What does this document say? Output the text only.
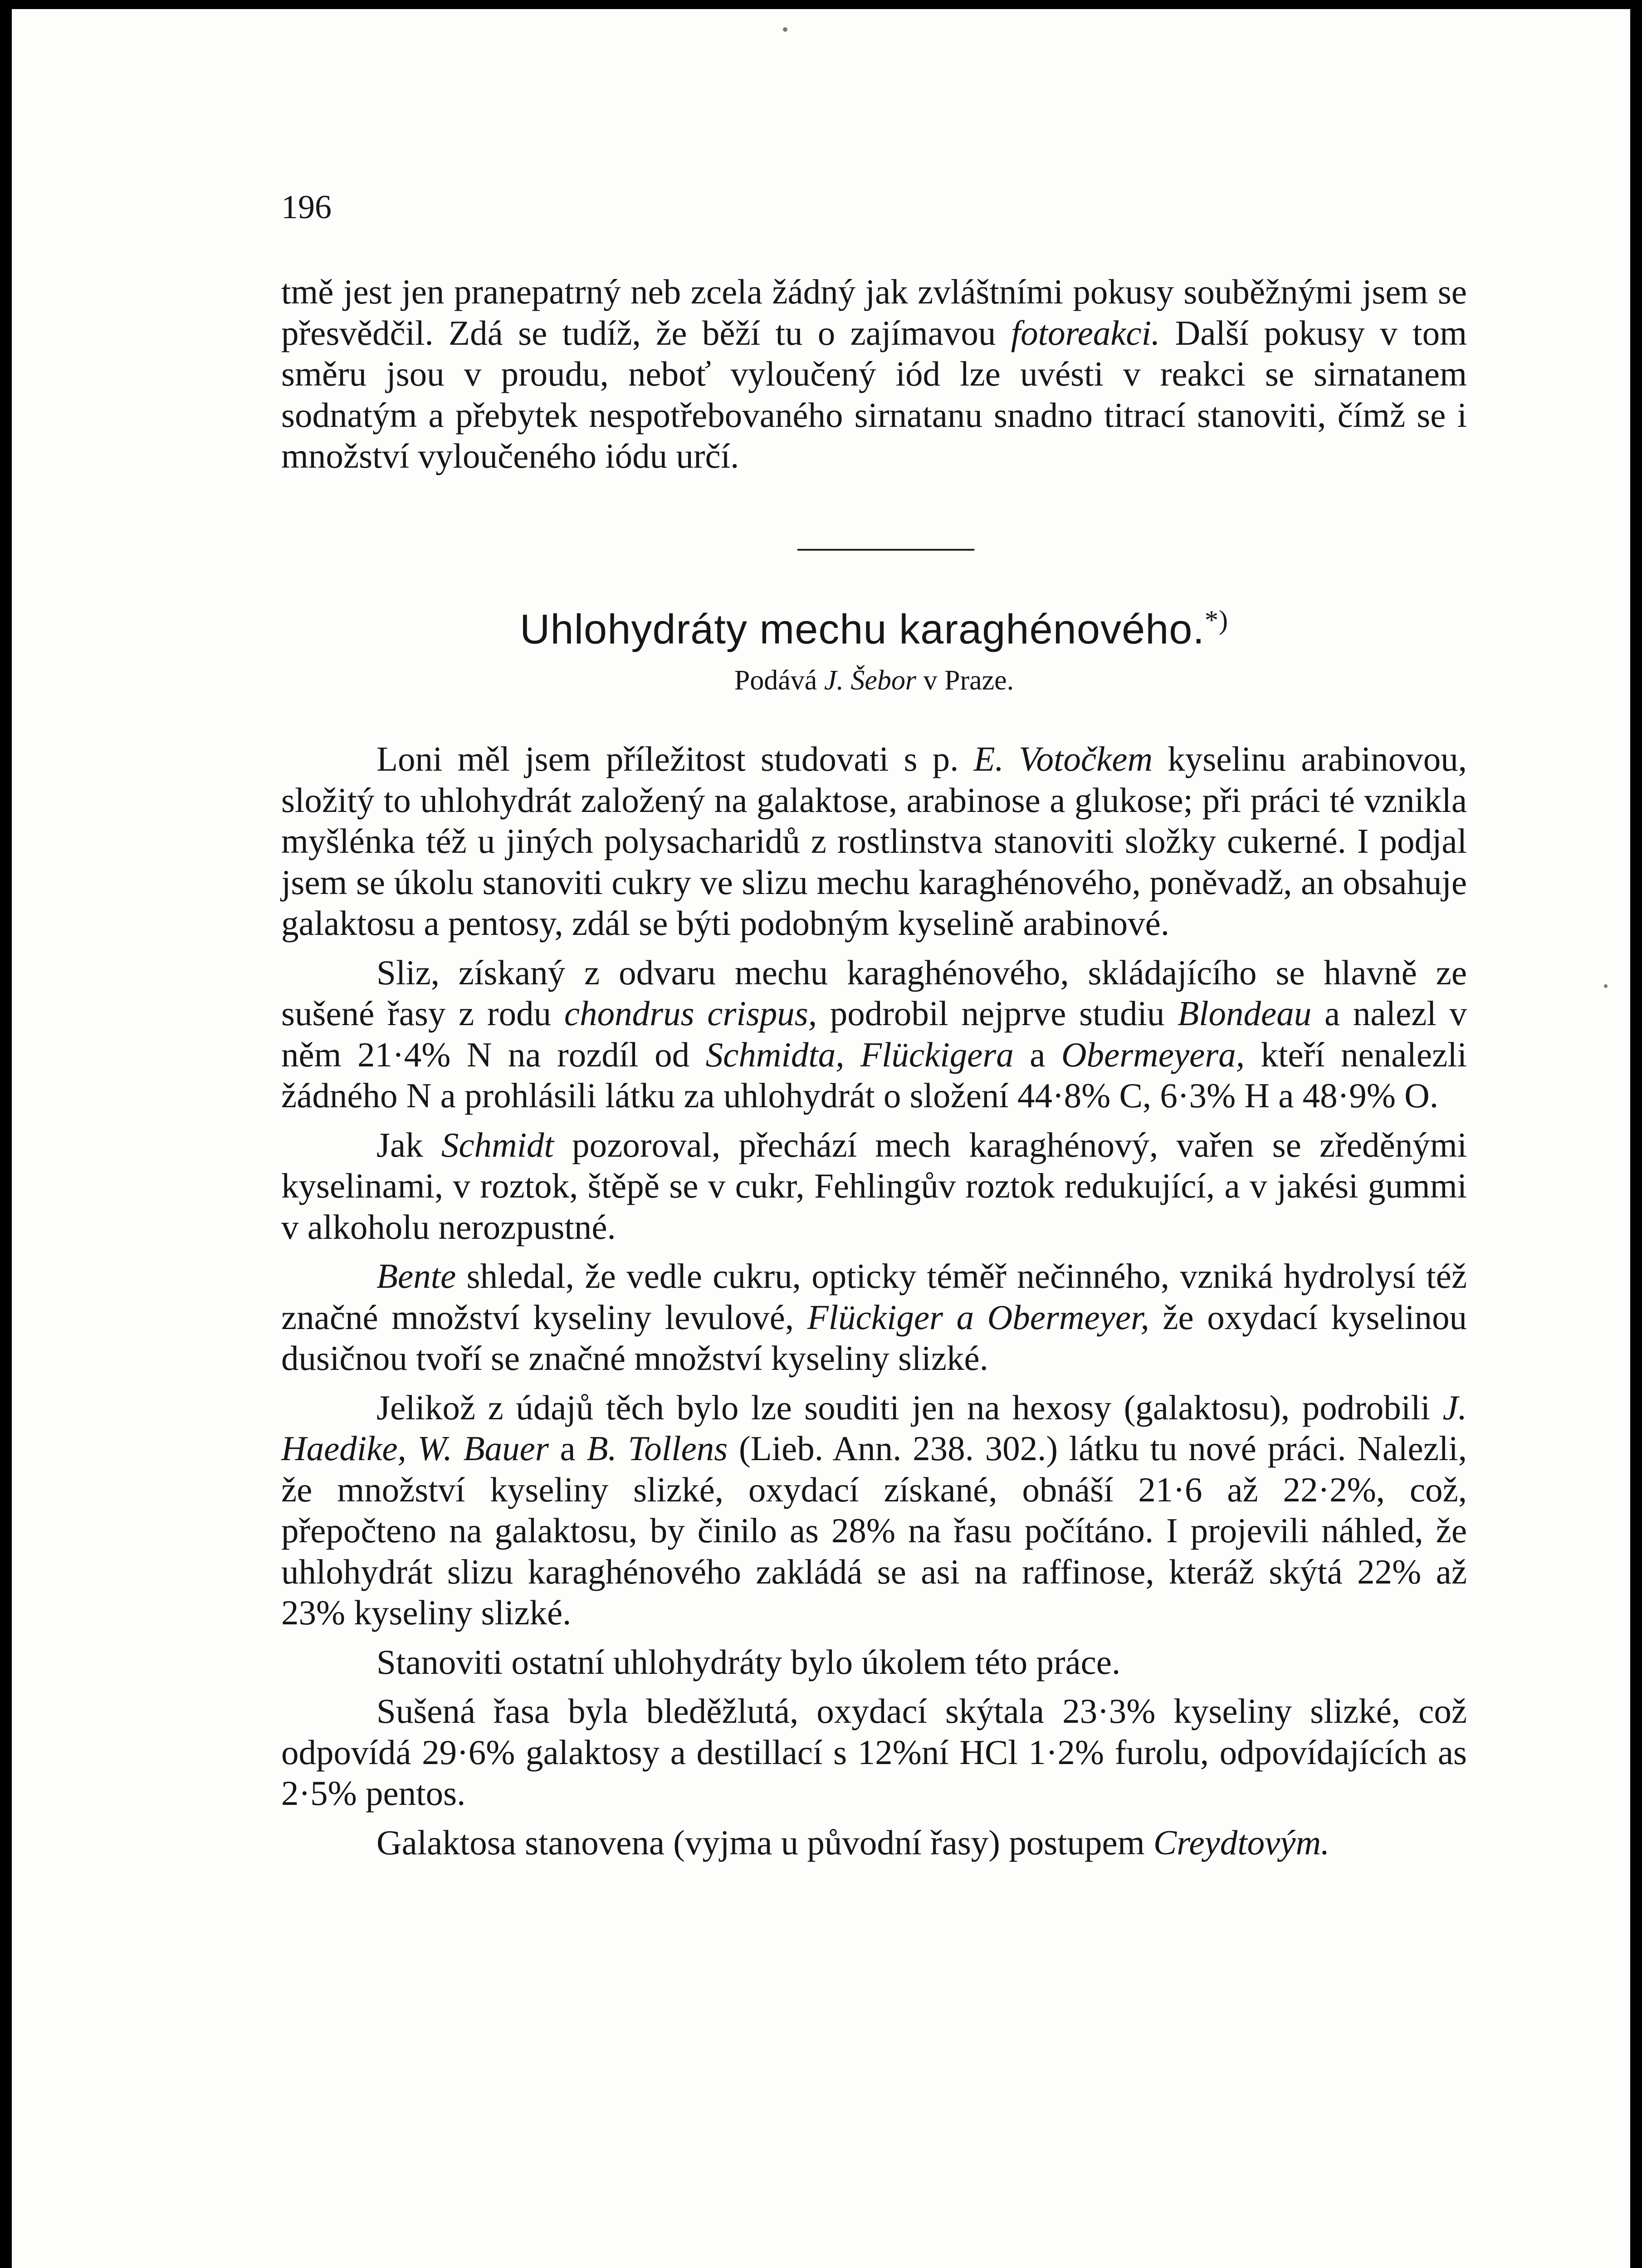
196

tmě jest jen pranepatrný neb zcela žádný jak zvláštními pokusy souběžnými jsem se přesvědčil. Zdá se tudíž, že běží tu o zajímavou fotoreakci. Další pokusy v tom směru jsou v proudu, neboť vyloučený iód lze uvésti v reakci se sirnatanem sodnatým a přebytek nespotřebovaného sirnatanu snadno titrací stanoviti, čímž se i množství vyloučeného iódu určí.

Uhlohydráty mechu karaghénového.*)
Podává J. Šebor v Praze.

Loni měl jsem příležitost studovati s p. E. Votočkem kyselinu arabinovou, složitý to uhlohydrát založený na galaktose, arabinose a glukose; při práci té vznikla myšlénka též u jiných polysacharidů z rostlinstva stanoviti složky cukerné. I podjal jsem se úkolu stanoviti cukry ve slizu mechu karaghénového, poněvadž, an obsahuje galaktosu a pentosy, zdál se býti podobným kyselině arabinové.

Sliz, získaný z odvaru mechu karaghénového, skládajícího se hlavně ze sušené řasy z rodu chondrus crispus, podrobil nejprve studiu Blondeau a nalezl v něm 21·4% N na rozdíl od Schmidta, Flückigera a Obermeyera, kteří nenalezli žádného N a prohlásili látku za uhlohydrát o složení 44·8% C, 6·3% H a 48·9% O.

Jak Schmidt pozoroval, přechází mech karaghénový, vařen se zředěnými kyselinami, v roztok, štěpě se v cukr, Fehlingův roztok redukující, a v jakési gummi v alkoholu nerozpustné.

Bente shledal, že vedle cukru, opticky téměř nečinného, vzniká hydrolysí též značné množství kyseliny levulové, Flückiger a Obermeyer, že oxydací kyselinou dusičnou tvoří se značné množství kyseliny slizké.

Jelikož z údajů těch bylo lze souditi jen na hexosy (galaktosu), podrobili J. Haedike, W. Bauer a B. Tollens (Lieb. Ann. 238. 302.) látku tu nové práci. Nalezli, že množství kyseliny slizké, oxydací získané, obnáší 21·6 až 22·2%, což, přepočteno na galaktosu, by činilo as 28% na řasu počítáno. I projevili náhled, že uhlohydrát slizu karaghénového zakládá se asi na raffinose, kteráž skýtá 22% až 23% kyseliny slizké.

Stanoviti ostatní uhlohydráty bylo úkolem této práce.

Sušená řasa byla bleděžlutá, oxydací skýtala 23·3% kyseliny slizké, což odpovídá 29·6% galaktosy a destillací s 12%ní HCl 1·2% furolu, odpovídajících as 2·5% pentos.

Galaktosa stanovena (vyjma u původní řasy) postupem Creydtovým.
